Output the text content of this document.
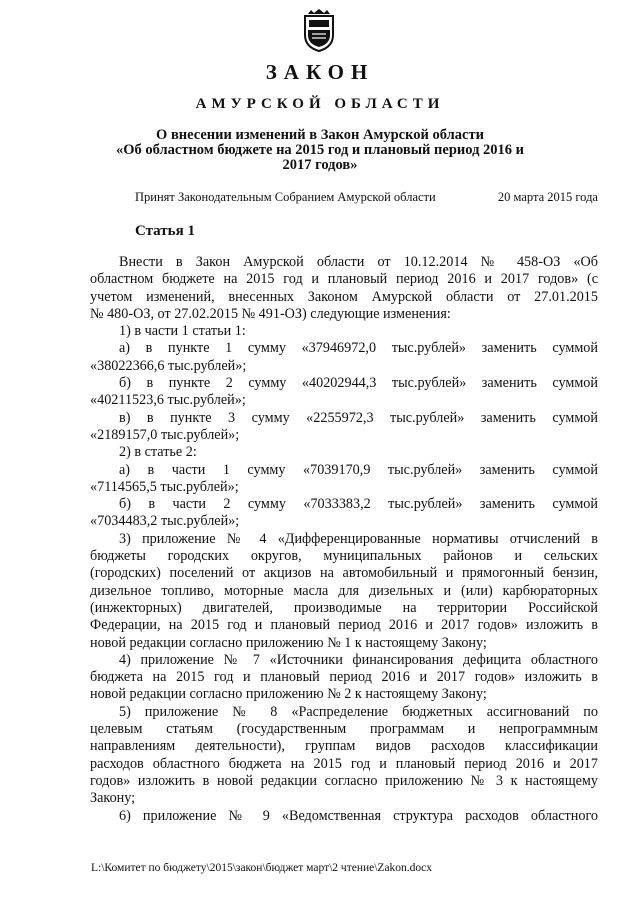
ЗАКОН
АМУРСКОЙ ОБЛАСТИ
О внесении изменений в Закон Амурской области
«Об областном бюджете на 2015 год и плановый период 2016 и
2017 годов»
Принят Законодательным Собранием Амурской области	20 марта 2015 года
Статья 1
Внести в Закон Амурской области от 10.12.2014 № 458-ОЗ «Об
областном бюджете на 2015 год и плановый период 2016 и 2017 годов» (с
учетом изменений, внесенных Законом Амурской области от 27.01.2015
№ 480-ОЗ, от 27.02.2015 № 491-ОЗ) следующие изменения:
1) в части 1 статьи 1:
а) в пункте 1 сумму «37946972,0 тыс.рублей» заменить суммой
«38022366,6 тыс.рублей»;
б) в пункте 2 сумму «40202944,3 тыс.рублей» заменить суммой
«40211523,6 тыс.рублей»;
в) в пункте 3 сумму «2255972,3 тыс.рублей» заменить суммой
«2189157,0 тыс.рублей»;
2) в статье 2:
а) в части 1 сумму «7039170,9 тыс.рублей» заменить суммой
«7114565,5 тыс.рублей»;
б) в части 2 сумму «7033383,2 тыс.рублей» заменить суммой
«7034483,2 тыс.рублей»;
3) приложение № 4 «Дифференцированные нормативы отчислений в
бюджеты городских округов, муниципальных районов и сельских
(городских) поселений от акцизов на автомобильный и прямогонный бензин,
дизельное топливо, моторные масла для дизельных и (или) карбюраторных
(инжекторных) двигателей, производимые на территории Российской
Федерации, на 2015 год и плановый период 2016 и 2017 годов» изложить в
новой редакции согласно приложению № 1 к настоящему Закону;
4) приложение № 7 «Источники финансирования дефицита областного
бюджета на 2015 год и плановый период 2016 и 2017 годов» изложить в
новой редакции согласно приложению № 2 к настоящему Закону;
5) приложение № 8 «Распределение бюджетных ассигнований по
целевым статьям (государственным программам и непрограммным
направлениям деятельности), группам видов расходов классификации
расходов областного бюджета на 2015 год и плановый период 2016 и 2017
годов» изложить в новой редакции согласно приложению № 3 к настоящему
Закону;
6) приложение № 9 «Ведомственная структура расходов областного
L:\Комитет по бюджету\2015\закон\бюджет март\2 чтение\Zakon.docx
